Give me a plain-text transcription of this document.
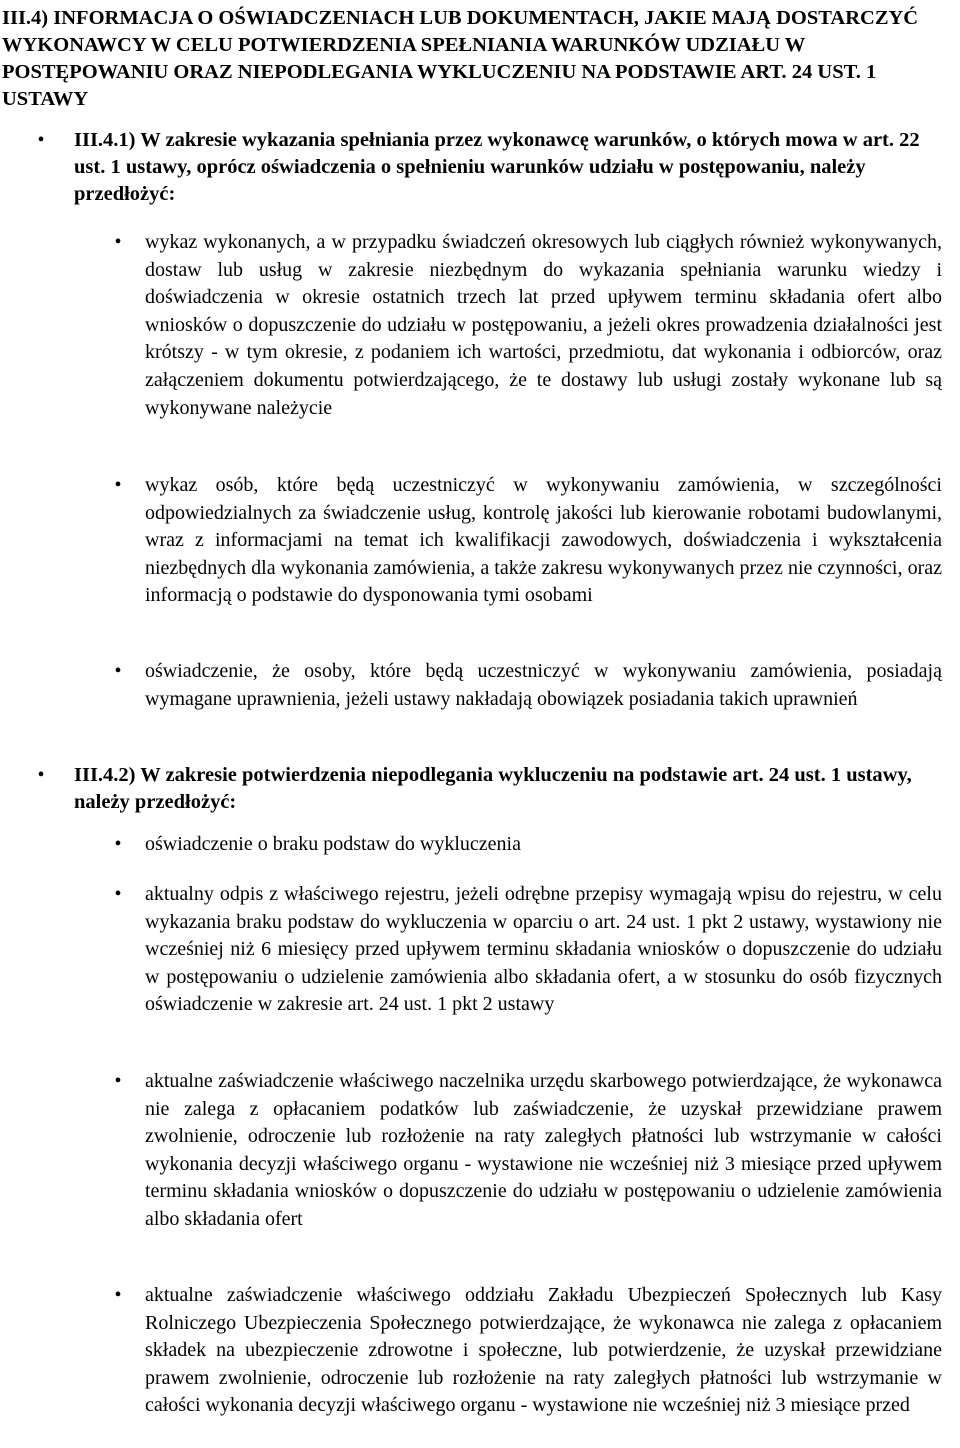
III.4) INFORMACJA O OŚWIADCZENIACH LUB DOKUMENTACH, JAKIE MAJĄ DOSTARCZYĆ WYKONAWCY W CELU POTWIERDZENIA SPEŁNIANIA WARUNKÓW UDZIAŁU W POSTĘPOWANIU ORAZ NIEPODLEGANIA WYKLUCZENIU NA PODSTAWIE ART. 24 UST. 1 USTAWY
• III.4.1) W zakresie wykazania spełniania przez wykonawcę warunków, o których mowa w art. 22 ust. 1 ustawy, oprócz oświadczenia o spełnieniu warunków udziału w postępowaniu, należy przedłożyć:
• wykaz wykonanych, a w przypadku świadczeń okresowych lub ciągłych również wykonywanych, dostaw lub usług w zakresie niezbędnym do wykazania spełniania warunku wiedzy i doświadczenia w okresie ostatnich trzech lat przed upływem terminu składania ofert albo wniosków o dopuszczenie do udziału w postępowaniu, a jeżeli okres prowadzenia działalności jest krótszy - w tym okresie, z podaniem ich wartości, przedmiotu, dat wykonania i odbiorców, oraz załączeniem dokumentu potwierdzającego, że te dostawy lub usługi zostały wykonane lub są wykonywane należycie
• wykaz osób, które będą uczestniczyć w wykonywaniu zamówienia, w szczególności odpowiedzialnych za świadczenie usług, kontrolę jakości lub kierowanie robotami budowlanymi, wraz z informacjami na temat ich kwalifikacji zawodowych, doświadczenia i wykształcenia niezbędnych dla wykonania zamówienia, a także zakresu wykonywanych przez nie czynności, oraz informacją o podstawie do dysponowania tymi osobami
• oświadczenie, że osoby, które będą uczestniczyć w wykonywaniu zamówienia, posiadają wymagane uprawnienia, jeżeli ustawy nakładają obowiązek posiadania takich uprawnień
• III.4.2) W zakresie potwierdzenia niepodlegania wykluczeniu na podstawie art. 24 ust. 1 ustawy, należy przedłożyć:
• oświadczenie o braku podstaw do wykluczenia
• aktualny odpis z właściwego rejestru, jeżeli odrębne przepisy wymagają wpisu do rejestru, w celu wykazania braku podstaw do wykluczenia w oparciu o art. 24 ust. 1 pkt 2 ustawy, wystawiony nie wcześniej niż 6 miesięcy przed upływem terminu składania wniosków o dopuszczenie do udziału w postępowaniu o udzielenie zamówienia albo składania ofert, a w stosunku do osób fizycznych oświadczenie w zakresie art. 24 ust. 1 pkt 2 ustawy
• aktualne zaświadczenie właściwego naczelnika urzędu skarbowego potwierdzające, że wykonawca nie zalega z opłacaniem podatków lub zaświadczenie, że uzyskał przewidziane prawem zwolnienie, odroczenie lub rozłożenie na raty zaległych płatności lub wstrzymanie w całości wykonania decyzji właściwego organu - wystawione nie wcześniej niż 3 miesiące przed upływem terminu składania wniosków o dopuszczenie do udziału w postępowaniu o udzielenie zamówienia albo składania ofert
• aktualne zaświadczenie właściwego oddziału Zakładu Ubezpieczeń Społecznych lub Kasy Rolniczego Ubezpieczenia Społecznego potwierdzające, że wykonawca nie zalega z opłacaniem składek na ubezpieczenie zdrowotne i społeczne, lub potwierdzenie, że uzyskał przewidziane prawem zwolnienie, odroczenie lub rozłożenie na raty zaległych płatności lub wstrzymanie w całości wykonania decyzji właściwego organu - wystawione nie wcześniej niż 3 miesiące przed
